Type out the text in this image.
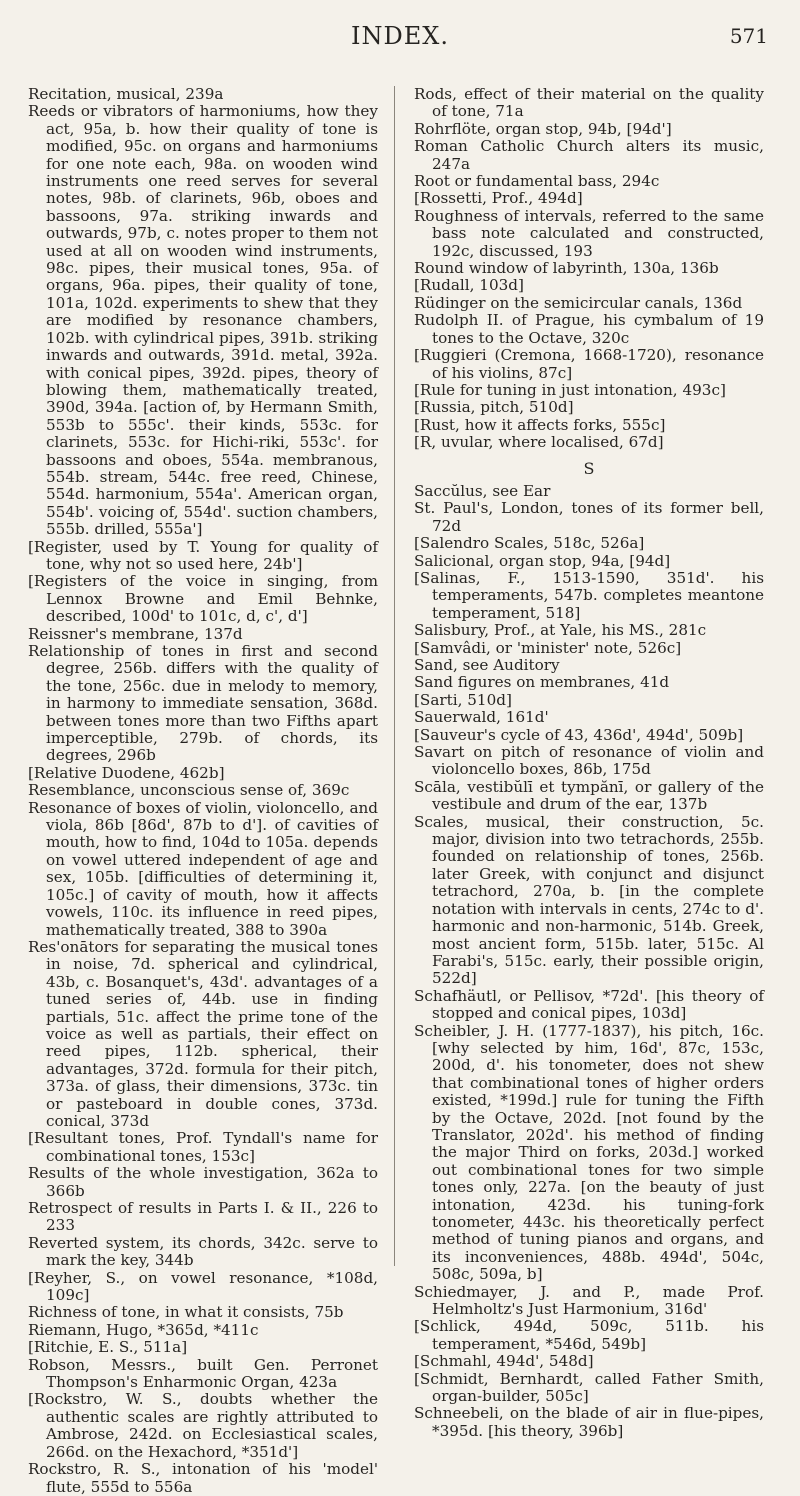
INDEX.	571

Recitation, musical, 239a

Reeds or vibrators of harmoniums, how they act, 95a, b. how their quality of tone is modified, 95c. on organs and harmoniums for one note each, 98a. on wooden wind instruments one reed serves for several notes, 98b. of clarinets, 96b, oboes and bassoons, 97a. striking inwards and outwards, 97b, c. notes proper to them not used at all on wooden wind instruments, 98c. pipes, their musical tones, 95a. of organs, 96a. pipes, their quality of tone, 101a, 102d. experiments to shew that they are modified by resonance chambers, 102b. with cylindrical pipes, 391b. striking inwards and outwards, 391d. metal, 392a. with conical pipes, 392d. pipes, theory of blowing them, mathematically treated, 390d, 394a. [action of, by Hermann Smith, 553b to 555c'. their kinds, 553c. for clarinets, 553c. for Hichi-riki, 553c'. for bassoons and oboes, 554a. membranous, 554b. stream, 544c. free reed, Chinese, 554d. harmonium, 554a'. American organ, 554b'. voicing of, 554d'. suction chambers, 555b. drilled, 555a']

[Register, used by T. Young for quality of tone, why not so used here, 24b']

[Registers of the voice in singing, from Lennox Browne and Emil Behnke, described, 100d' to 101c, d, c', d']

Reissner's membrane, 137d

Relationship of tones in first and second degree, 256b. differs with the quality of the tone, 256c. due in melody to memory, in harmony to immediate sensation, 368d. between tones more than two Fifths apart imperceptible, 279b. of chords, its degrees, 296b

[Relative Duodene, 462b]

Resemblance, unconscious sense of, 369c

Resonance of boxes of violin, violoncello, and viola, 86b [86d', 87b to d']. of cavities of mouth, how to find, 104d to 105a. depends on vowel uttered independent of age and sex, 105b. [difficulties of determining it, 105c.] of cavity of mouth, how it affects vowels, 110c. its influence in reed pipes, mathematically treated, 388 to 390a

Res'onātors for separating the musical tones in noise, 7d. spherical and cylindrical, 43b, c. Bosanquet's, 43d'. advantages of a tuned series of, 44b. use in finding partials, 51c. affect the prime tone of the voice as well as partials, their effect on reed pipes, 112b. spherical, their advantages, 372d. formula for their pitch, 373a. of glass, their dimensions, 373c. tin or pasteboard in double cones, 373d. conical, 373d

[Resultant tones, Prof. Tyndall's name for combinational tones, 153c]

Results of the whole investigation, 362a to 366b

Retrospect of results in Parts I. & II., 226 to 233

Reverted system, its chords, 342c. serve to mark the key, 344b

[Reyher, S., on vowel resonance, *108d, 109c]

Richness of tone, in what it consists, 75b

Riemann, Hugo, *365d, *411c

[Ritchie, E. S., 511a]

Robson, Messrs., built Gen. Perronet Thompson's Enharmonic Organ, 423a

[Rockstro, W. S., doubts whether the authentic scales are rightly attributed to Ambrose, 242d. on Ecclesiastical scales, 266d. on the Hexachord, *351d']

Rockstro, R. S., intonation of his 'model' flute, 555d to 556a

Rods, effect of their material on the quality of tone, 71a

Rohrflöte, organ stop, 94b, [94d']

Roman Catholic Church alters its music, 247a

Root or fundamental bass, 294c

[Rossetti, Prof., 494d]

Roughness of intervals, referred to the same bass note calculated and constructed, 192c, discussed, 193

Round window of labyrinth, 130a, 136b

[Rudall, 103d]

Rüdinger on the semicircular canals, 136d

Rudolph II. of Prague, his cymbalum of 19 tones to the Octave, 320c

[Ruggieri (Cremona, 1668-1720), resonance of his violins, 87c]

[Rule for tuning in just intonation, 493c]

[Russia, pitch, 510d]

[Rust, how it affects forks, 555c]

[R, uvular, where localised, 67d]

S

Saccŭlus, see Ear

St. Paul's, London, tones of its former bell, 72d

[Salendro Scales, 518c, 526a]

Salicional, organ stop, 94a, [94d]

[Salinas, F., 1513-1590, 351d'. his temperaments, 547b. completes meantone temperament, 518]

Salisbury, Prof., at Yale, his MS., 281c

[Samvâdi, or 'minister' note, 526c]

Sand, see Auditory

Sand figures on membranes, 41d

[Sarti, 510d]

Sauerwald, 161d'

[Sauveur's cycle of 43, 436d', 494d', 509b]

Savart on pitch of resonance of violin and violoncello boxes, 86b, 175d

Scāla, vestibŭlī et tympănī, or gallery of the vestibule and drum of the ear, 137b

Scales, musical, their construction, 5c. major, division into two tetrachords, 255b. founded on relationship of tones, 256b. later Greek, with conjunct and disjunct tetrachord, 270a, b. [in the complete notation with intervals in cents, 274c to d'. harmonic and non-harmonic, 514b. Greek, most ancient form, 515b. later, 515c. Al Farabi's, 515c. early, their possible origin, 522d]

Schafhäutl, or Pellisov, *72d'. [his theory of stopped and conical pipes, 103d]

Scheibler, J. H. (1777-1837), his pitch, 16c. [why selected by him, 16d', 87c, 153c, 200d, d'. his tonometer, does not shew that combinational tones of higher orders existed, *199d.] rule for tuning the Fifth by the Octave, 202d. [not found by the Translator, 202d'. his method of finding the major Third on forks, 203d.] worked out combinational tones for two simple tones only, 227a. [on the beauty of just intonation, 423d. his tuning-fork tonometer, 443c. his theoretically perfect method of tuning pianos and organs, and its inconveniences, 488b. 494d', 504c, 508c, 509a, b]

Schiedmayer, J. and P., made Prof. Helmholtz's Just Harmonium, 316d'

[Schlick, 494d, 509c, 511b. his temperament, *546d, 549b]

[Schmahl, 494d', 548d]

[Schmidt, Bernhardt, called Father Smith, organ-builder, 505c]

Schneebeli, on the blade of air in flue-pipes, *395d. [his theory, 396b]
